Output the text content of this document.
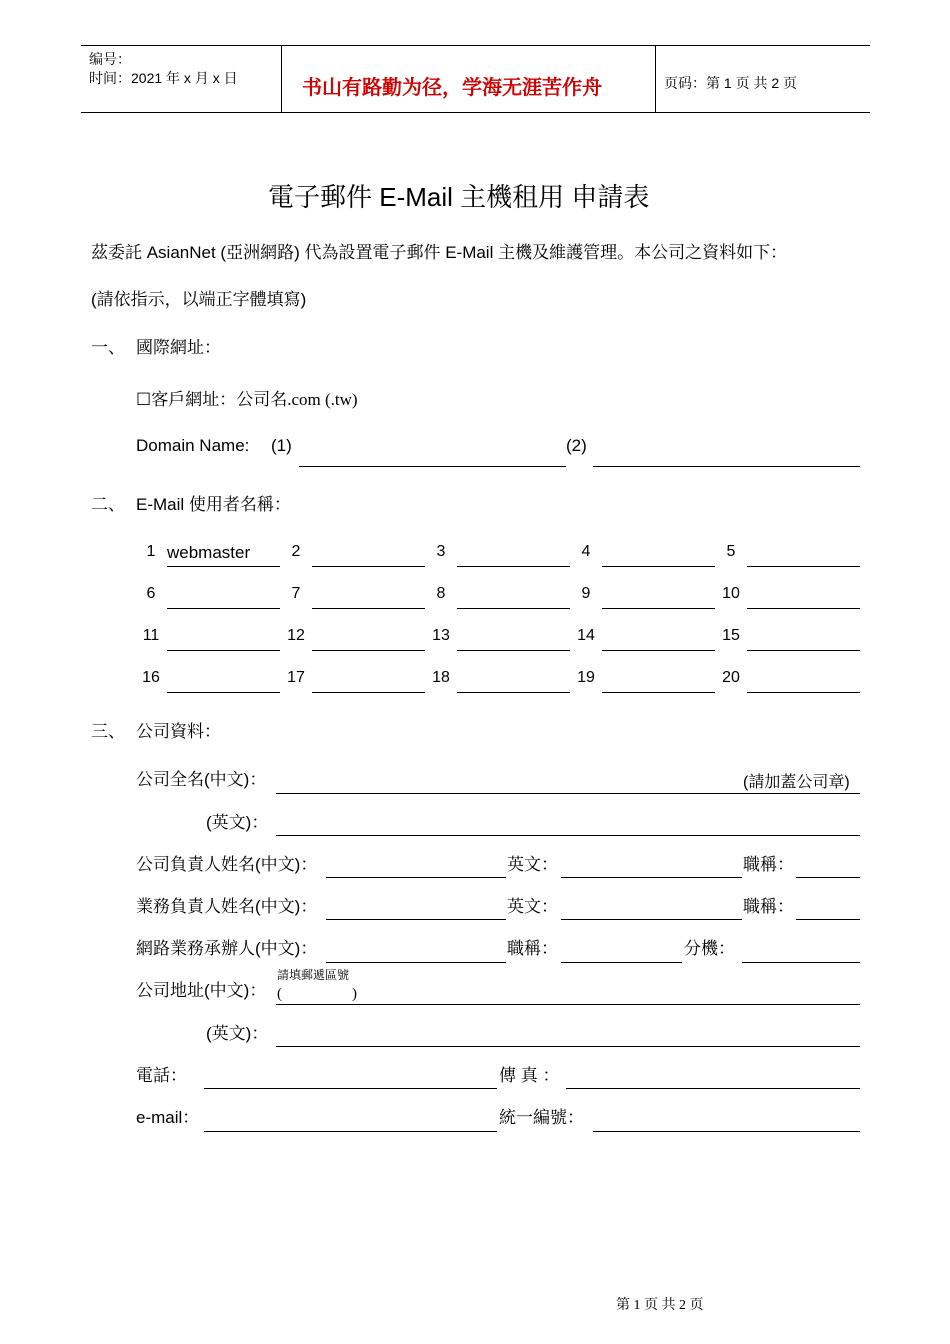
编号：
时间：2021 年 x 月 x 日	书山有路勤为径，学海无涯苦作舟	页码：第 1 页 共 2 页
電子郵件 E-Mail 主機租用 申請表
茲委託 AsianNet (亞洲網路) 代為設置電子郵件 E-Mail 主機及維護管理。本公司之資料如下：
(請依指示，以端正字體填寫)
一、 國際網址：
☐客戶網址：公司名.com (.tw)
Domain Name: (1)	(2)
二、 E-Mail 使用者名稱：
1 webmaster	2	3	4	5
6	7	8	9	10
11	12	13	14	15
16	17	18	19	20
三、 公司資料：
公司全名(中文)：	(請加蓋公司章)
(英文)：
公司負責人姓名(中文)：	英文：	職稱：
業務負責人姓名(中文)：	英文：	職稱：
網路業務承辦人(中文)：	職稱：	分機：
公司地址(中文)：
請填郵遞區號
(	)
(英文)：
電話：	傳 真 ：
e-mail：	統一編號：
第 1 页 共 2 页
